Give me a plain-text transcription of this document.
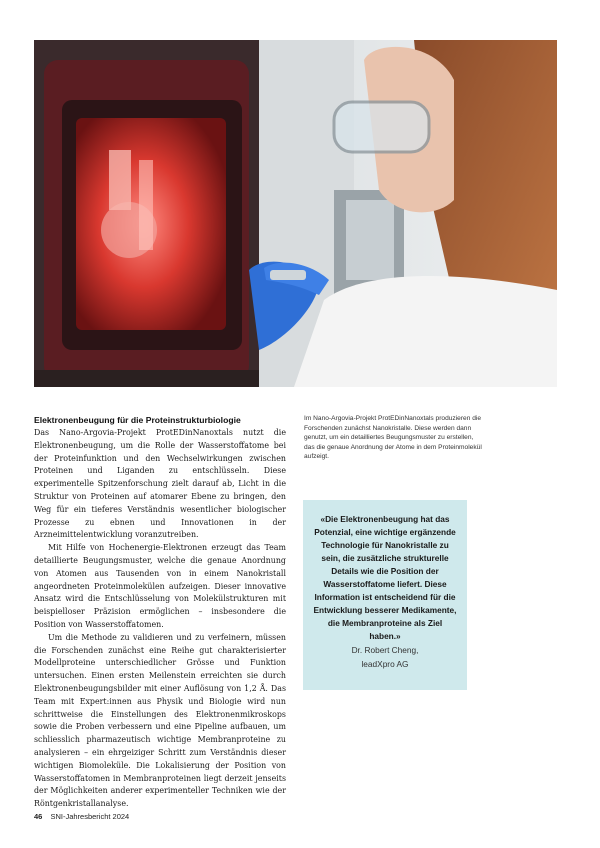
Elektronenbeugung für die Proteinstrukturbiologie

Das Nano-Argovia-Projekt ProtEDinNanoxtals nutzt die Elektronenbeugung, um die Rolle der Wasserstoffatome bei der Proteinfunktion und den Wechselwirkungen zwischen Proteinen und Liganden zu entschlüsseln. Diese experimentelle Spitzenforschung zielt darauf ab, Licht in die Struktur von Proteinen auf atomarer Ebene zu bringen, den Weg für ein tieferes Verständnis wesentlicher biologischer Prozesse zu ebnen und Innovationen in der Arzneimittelentwicklung voranzutreiben.

Mit Hilfe von Hochenergie-Elektronen erzeugt das Team detaillierte Beugungsmuster, welche die genaue Anordnung von Atomen aus Tausenden von in einem Nanokristall angeordneten Proteinmolekülen aufzeigen. Dieser innovative Ansatz wird die Entschlüsselung von Molekülstrukturen mit beispielloser Präzision ermöglichen – insbesondere die Position von Wasserstoffatomen.

Um die Methode zu validieren und zu verfeinern, müssen die Forschenden zunächst eine Reihe gut charakterisierter Modellproteine unterschiedlicher Grösse und Funktion untersuchen. Einen ersten Meilenstein erreichten sie durch Elektronenbeugungsbilder mit einer Auflösung von 1,2 Å. Das Team mit Expert:innen aus Physik und Biologie wird nun schrittweise die Einstellungen des Elektronenmikroskops sowie die Proben verbessern und eine Pipeline aufbauen, um schliesslich pharmazeutisch wichtige Membranproteine zu analysieren – ein ehrgeiziger Schritt zum Verständnis dieser wichtigen Biomoleküle. Die Lokalisierung der Position von Wasserstoffatomen in Membranproteinen liegt derzeit jenseits der Möglichkeiten anderer experimenteller Techniken wie der Röntgenkristallanalyse.

Im Nano-Argovia-Projekt ProtEDinNanoxtals produzieren die Forschenden zunächst Nanokristalle. Diese werden dann genutzt, um ein detailliertes Beugungsmuster zu erstellen, das die genaue Anordnung der Atome in dem Proteinmolekül aufzeigt.
«Die Elektronenbeugung hat das Potenzial, eine wichtige ergänzende Technologie für Nanokristalle zu sein, die zusätzliche strukturelle Details wie die Position der Wasserstoffatome liefert. Diese Information ist entscheidend für die Entwicklung besserer Medikamente, die Membranproteine als Ziel haben.»
Dr. Robert Cheng,
leadXpro AG
46 SNI-Jahresbericht 2024
